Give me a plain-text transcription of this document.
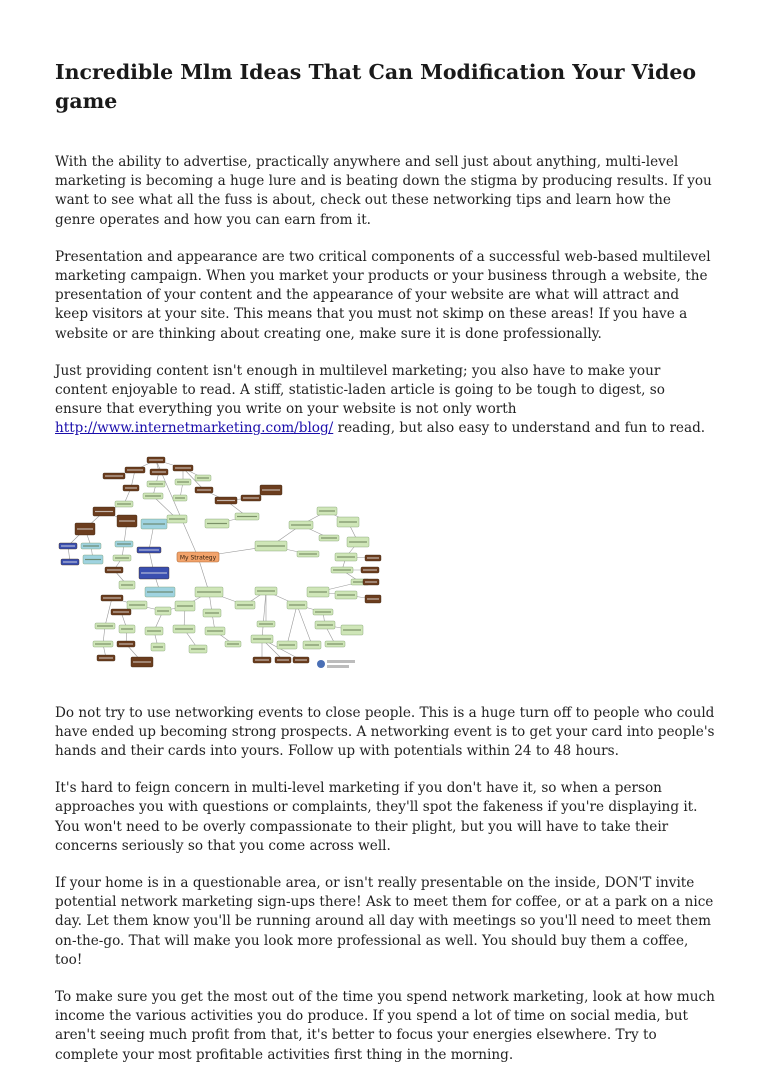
Incredible Mlm Ideas That Can Modification Your Video game

With the ability to advertise, practically anywhere and sell just about anything, multi-level marketing is becoming a huge lure and is beating down the stigma by producing results. If you want to see what all the fuss is about, check out these networking tips and learn how the genre operates and how you can earn from it.

Presentation and appearance are two critical components of a successful web-based multilevel marketing campaign. When you market your products or your business through a website, the presentation of your content and the appearance of your website are what will attract and keep visitors at your site. This means that you must not skimp on these areas! If you have a website or are thinking about creating one, make sure it is done professionally.

Just providing content isn't enough in multilevel marketing; you also have to make your content enjoyable to read. A stiff, statistic-laden article is going to be tough to digest, so ensure that everything you write on your website is not only worth http://www.internetmarketing.com/blog/ reading, but also easy to understand and fun to read.

My Strategy

Do not try to use networking events to close people. This is a huge turn off to people who could have ended up becoming strong prospects. A networking event is to get your card into people's hands and their cards into yours. Follow up with potentials within 24 to 48 hours.

It's hard to feign concern in multi-level marketing if you don't have it, so when a person approaches you with questions or complaints, they'll spot the fakeness if you're displaying it. You won't need to be overly compassionate to their plight, but you will have to take their concerns seriously so that you come across well.

If your home is in a questionable area, or isn't really presentable on the inside, DON'T invite potential network marketing sign-ups there! Ask to meet them for coffee, or at a park on a nice day. Let them know you'll be running around all day with meetings so you'll need to meet them on-the-go. That will make you look more professional as well. You should buy them a coffee, too!

To make sure you get the most out of the time you spend network marketing, look at how much income the various activities you do produce. If you spend a lot of time on social media, but aren't seeing much profit from that, it's better to focus your energies elsewhere. Try to complete your most profitable activities first thing in the morning.
